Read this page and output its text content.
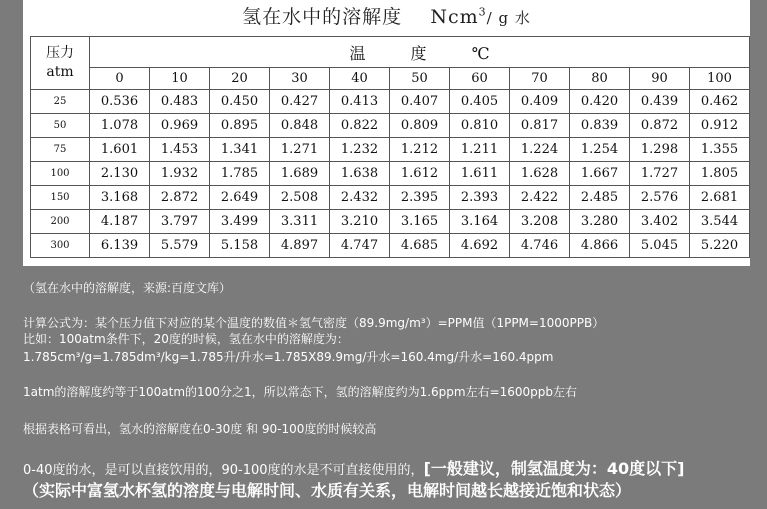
氢在水中的溶解度 Ncm$^3$/ g 水
压力
atm	温 度 ℃										
	0	10	20	30	40	50	60	70	80	90	100
25	0.536	0.483	0.450	0.427	0.413	0.407	0.405	0.409	0.420	0.439	0.462
50	1.078	0.969	0.895	0.848	0.822	0.809	0.810	0.817	0.839	0.872	0.912
75	1.601	1.453	1.341	1.271	1.232	1.212	1.211	1.224	1.254	1.298	1.355
100	2.130	1.932	1.785	1.689	1.638	1.612	1.611	1.628	1.667	1.727	1.805
150	3.168	2.872	2.649	2.508	2.432	2.395	2.393	2.422	2.485	2.576	2.681
200	4.187	3.797	3.499	3.311	3.210	3.165	3.164	3.208	3.280	3.402	3.544
300	6.139	5.579	5.158	4.897	4.747	4.685	4.692	4.746	4.866	5.045	5.220
（氢在水中的溶解度，来源:百度文库）
计算公式为：某个压力值下对应的某个温度的数值＊氢气密度（89.9mg/m³）=PPM值（1PPM=1000PPB）
比如：100atm条件下，20度的时候，氢在水中的溶解度为：
1.785cm³/g=1.785dm³/kg=1.785升/升水=1.785X89.9mg/升水=160.4mg/升水=160.4ppm
1atm的溶解度约等于100atm的100分之1，所以常态下，氢的溶解度约为1.6ppm左右=1600ppb左右
根据表格可看出，氢水的溶解度在0-30度 和 90-100度的时候较高
0-40度的水，是可以直接饮用的，90-100度的水是不可直接使用的，[一般建议，制氢温度为：40度以下]
（实际中富氢水杯氢的溶度与电解时间、水质有关系，电解时间越长越接近饱和状态）
